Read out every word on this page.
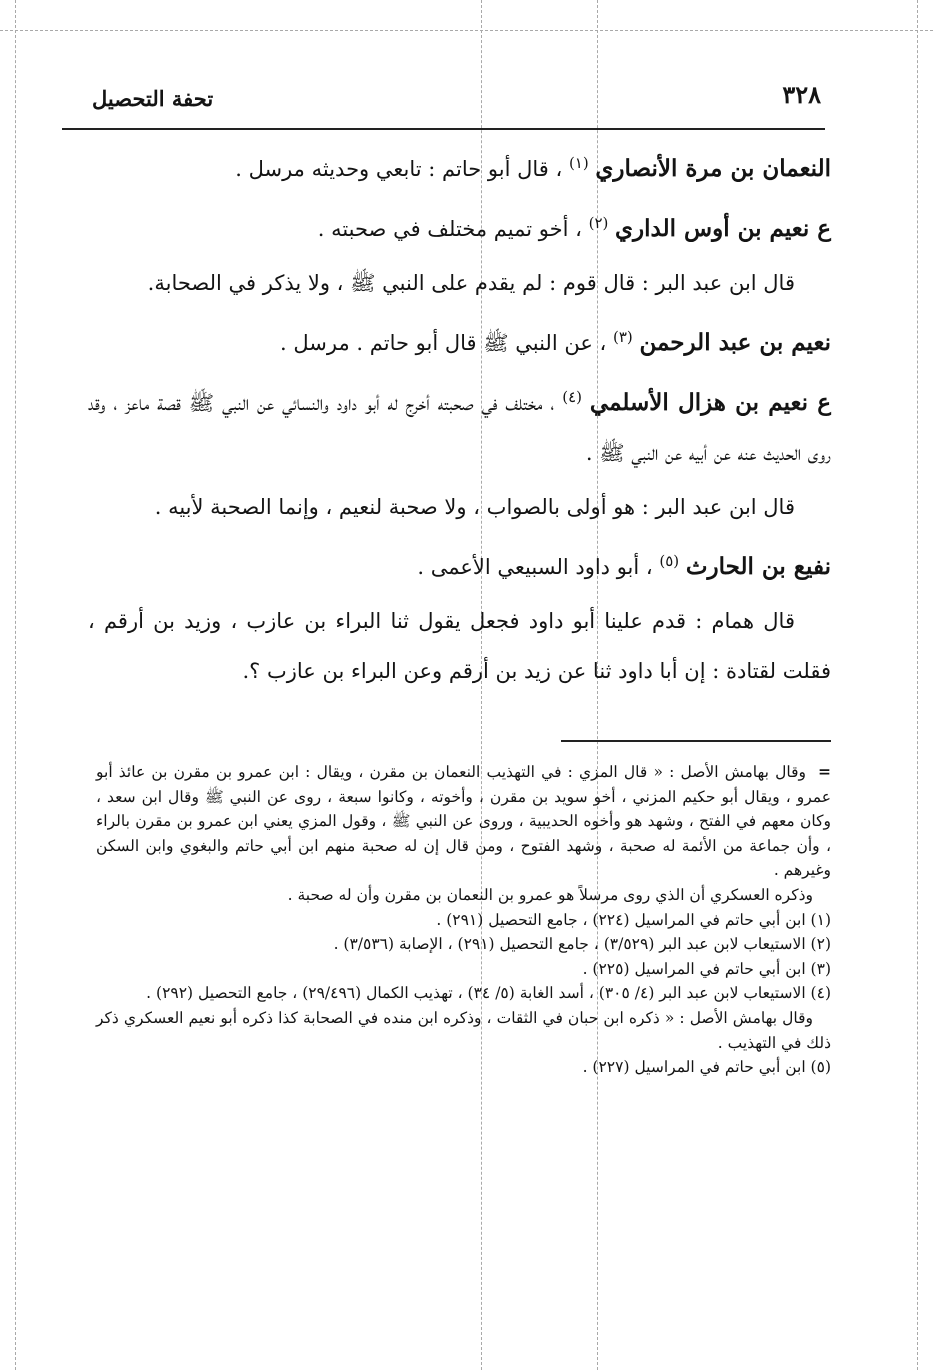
٣٢٨
تحفة التحصيل

النعمان بن مرة الأنصاري $^{(١)}$ ، قال أبو حاتم : تابعي وحديثه مرسل .

ع نعيم بن أوس الداري $^{(٢)}$ ، أخو تميم مختلف في صحبته .

قال ابن عبد البر : قال قوم : لم يقدم على النبي ﷺ ، ولا يذكر في الصحابة.

نعيم بن عبد الرحمن $^{(٣)}$ ، عن النبي ﷺ قال أبو حاتم . مرسل .

ع نعيم بن هزال الأسلمي $^{(٤)}$ ، مختلف في صحبته أخرج له أبو داود والنسائي عن النبي ﷺ قصة ماعز ، وقد روى الحديث عنه عن أبيه عن النبي ﷺ .

قال ابن عبد البر : هو أولى بالصواب ، ولا صحبة لنعيم ، وإنما الصحبة لأبيه .

نفيع بن الحارث $^{(٥)}$ ، أبو داود السبيعي الأعمى .

قال همام : قدم علينا أبو داود فجعل يقول ثنا البراء بن عازب ، وزيد بن أرقم ، فقلت لقتادة : إن أبا داود ثنا عن زيد بن أرقم وعن البراء بن عازب ؟.

=وقال بهامش الأصل : « قال المزي : في التهذيب النعمان بن مقرن ، ويقال : ابن عمرو بن مقرن بن عائذ أبو عمرو ، ويقال أبو حكيم المزني ، أخو سويد بن مقرن ، وأخوته ، وكانوا سبعة ، روى عن النبي ﷺ وقال ابن سعد ، وكان معهم في الفتح ، وشهد هو وأخوه الحديبية ، وروى عن النبي ﷺ ، وقول المزي يعني ابن عمرو بن مقرن بالراء ، وأن جماعة من الأئمة له صحبة ، وشهد الفتوح ، ومن قال إن له صحبة منهم ابن أبي حاتم والبغوي وابن السكن وغيرهم .

وذكره العسكري أن الذي روى مرسلاً هو عمرو بن النعمان بن مقرن وأن له صحبة .

(١) ابن أبي حاتم في المراسيل (٢٢٤) ، جامع التحصيل (٢٩١) .

(٢) الاستيعاب لابن عبد البر (٣/٥٢٩) ، جامع التحصيل (٢٩١) ، الإصابة (٣/٥٣٦) .

(٣) ابن أبي حاتم في المراسيل (٢٢٥) .

(٤) الاستيعاب لابن عبد البر (٤/ ٣٠٥) ، أسد الغابة (٥/ ٣٤) ، تهذيب الكمال (٢٩/٤٩٦) ، جامع التحصيل (٢٩٢) .

وقال بهامش الأصل : « ذكره ابن حبان في الثقات ، وذكره ابن منده في الصحابة كذا ذكره أبو نعيم العسكري ذكر ذلك في التهذيب .

(٥) ابن أبي حاتم في المراسيل (٢٢٧) .
